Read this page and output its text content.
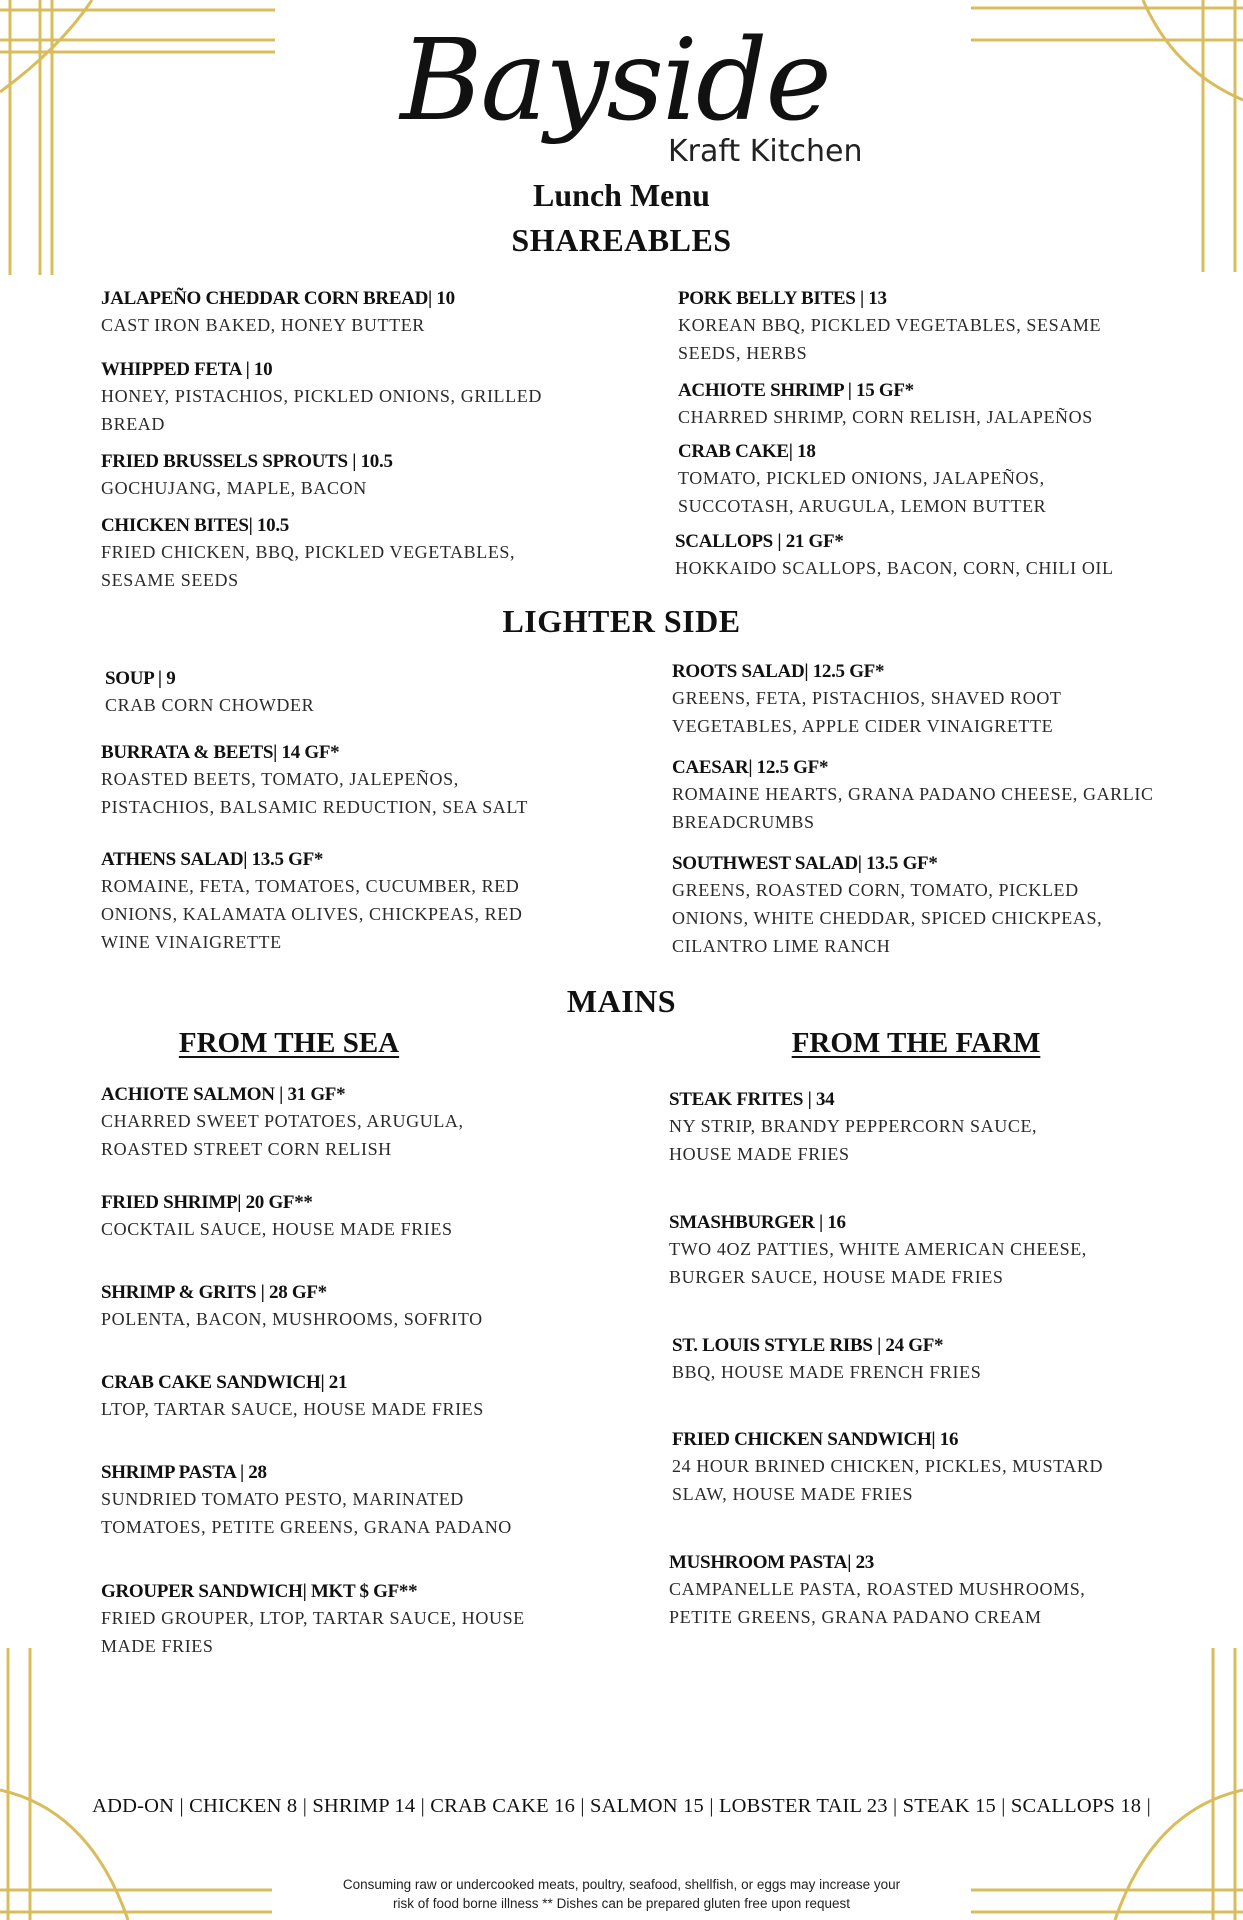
Bayside
Kraft Kitchen
Lunch Menu
SHAREABLES
JALAPEÑO CHEDDAR CORN BREAD| 10
CAST IRON BAKED, HONEY BUTTER
WHIPPED FETA | 10
HONEY, PISTACHIOS, PICKLED ONIONS, GRILLED BREAD
FRIED BRUSSELS SPROUTS | 10.5
GOCHUJANG, MAPLE, BACON
CHICKEN BITES| 10.5
FRIED CHICKEN, BBQ, PICKLED VEGETABLES, SESAME SEEDS
PORK BELLY BITES | 13
KOREAN BBQ, PICKLED VEGETABLES, SESAME SEEDS, HERBS
ACHIOTE SHRIMP | 15 GF*
CHARRED SHRIMP, CORN RELISH, JALAPEÑOS
CRAB CAKE| 18
TOMATO, PICKLED ONIONS, JALAPEÑOS, SUCCOTASH, ARUGULA, LEMON BUTTER
SCALLOPS | 21 GF*
HOKKAIDO SCALLOPS, BACON, CORN, CHILI OIL
LIGHTER SIDE
SOUP | 9
CRAB CORN CHOWDER
BURRATA & BEETS| 14 GF*
ROASTED BEETS, TOMATO, JALEPEÑOS, PISTACHIOS, BALSAMIC REDUCTION, SEA SALT
ATHENS SALAD| 13.5 GF*
ROMAINE, FETA, TOMATOES, CUCUMBER, RED ONIONS, KALAMATA OLIVES, CHICKPEAS, RED WINE VINAIGRETTE
ROOTS SALAD| 12.5 GF*
GREENS, FETA, PISTACHIOS, SHAVED ROOT VEGETABLES, APPLE CIDER VINAIGRETTE
CAESAR| 12.5 GF*
ROMAINE HEARTS, GRANA PADANO CHEESE, GARLIC BREADCRUMBS
SOUTHWEST SALAD| 13.5 GF*
GREENS, ROASTED CORN, TOMATO, PICKLED ONIONS, WHITE CHEDDAR, SPICED CHICKPEAS, CILANTRO LIME RANCH
MAINS
FROM THE SEA	FROM THE FARM
ACHIOTE SALMON | 31 GF*
CHARRED SWEET POTATOES, ARUGULA, ROASTED STREET CORN RELISH
FRIED SHRIMP| 20 GF**
COCKTAIL SAUCE, HOUSE MADE FRIES
SHRIMP & GRITS | 28 GF*
POLENTA, BACON, MUSHROOMS, SOFRITO
CRAB CAKE SANDWICH| 21
LTOP, TARTAR SAUCE, HOUSE MADE FRIES
SHRIMP PASTA | 28
SUNDRIED TOMATO PESTO, MARINATED TOMATOES, PETITE GREENS, GRANA PADANO
GROUPER SANDWICH| MKT $ GF**
FRIED GROUPER, LTOP, TARTAR SAUCE, HOUSE MADE FRIES
STEAK FRITES | 34
NY STRIP, BRANDY PEPPERCORN SAUCE, HOUSE MADE FRIES
SMASHBURGER | 16
TWO 4OZ PATTIES, WHITE AMERICAN CHEESE, BURGER SAUCE, HOUSE MADE FRIES
ST. LOUIS STYLE RIBS | 24 GF*
BBQ, HOUSE MADE FRENCH FRIES
FRIED CHICKEN SANDWICH| 16
24 HOUR BRINED CHICKEN, PICKLES, MUSTARD SLAW, HOUSE MADE FRIES
MUSHROOM PASTA| 23
CAMPANELLE PASTA, ROASTED MUSHROOMS, PETITE GREENS, GRANA PADANO CREAM
ADD-ON | CHICKEN 8 | SHRIMP 14 | CRAB CAKE 16 | SALMON 15 | LOBSTER TAIL 23 | STEAK 15 | SCALLOPS 18 |
Consuming raw or undercooked meats, poultry, seafood, shellfish, or eggs may increase your
risk of food borne illness ** Dishes can be prepared gluten free upon request
